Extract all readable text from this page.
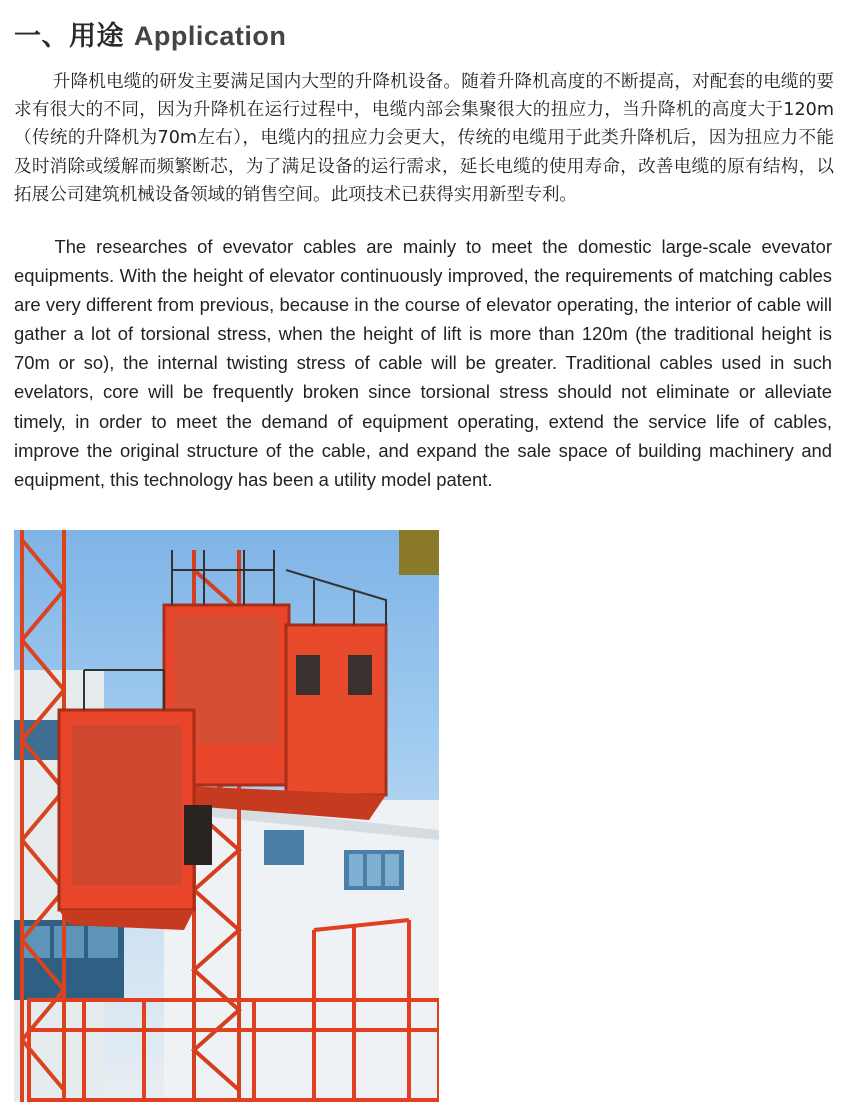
一、用途 Application

升降机电缆的研发主要满足国内大型的升降机设备。随着升降机高度的不断提高，对配套的电缆的要求有很大的不同，因为升降机在运行过程中，电缆内部会集聚很大的扭应力，当升降机的高度大于120m（传统的升降机为70m左右），电缆内的扭应力会更大，传统的电缆用于此类升降机后，因为扭应力不能及时消除或缓解而频繁断芯，为了满足设备的运行需求，延长电缆的使用寿命，改善电缆的原有结构，以拓展公司建筑机械设备领域的销售空间。此项技术已获得实用新型专利。

The researches of evevator cables are mainly to meet the domestic large-scale evevator equipments. With the height of elevator continuously improved, the requirements of matching cables are very different from previous, because in the course of elevator operating, the interior of cable will gather a lot of torsional stress, when the height of lift is more than 120m (the traditional height is 70m or so), the internal twisting stress of cable will be greater. Traditional cables used in such evelators, core will be frequently broken since torsional stress should not eliminate or alleviate timely, in order to meet the demand of equipment operating, extend the service life of cables, improve the original structure of the cable, and expand the sale space of building machinery and equipment, this technology has been a utility model patent.
